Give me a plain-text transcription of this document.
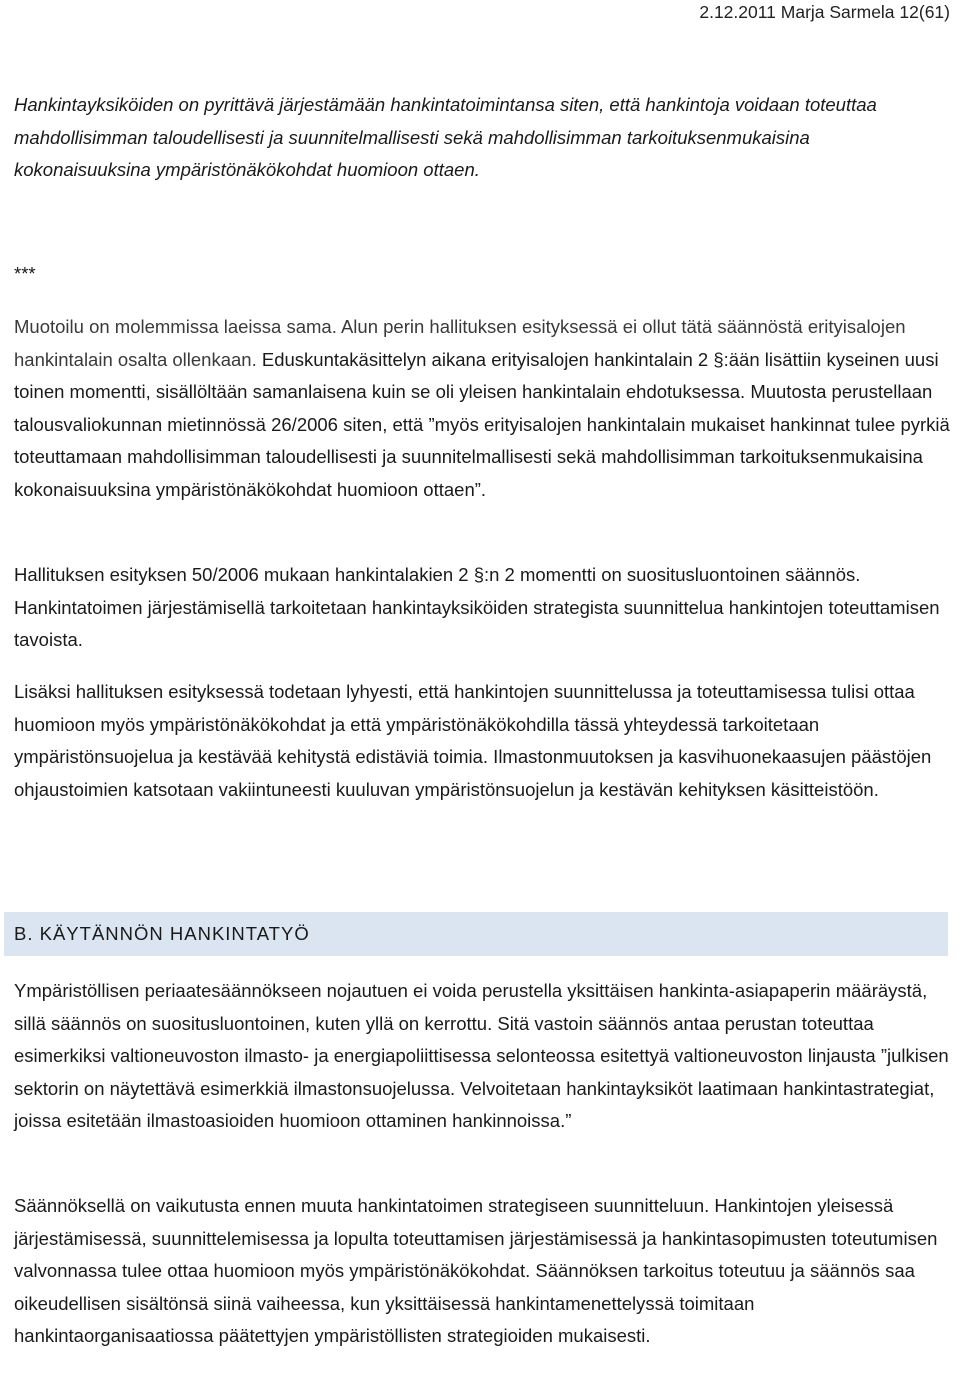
2.12.2011 Marja Sarmela 12(61)

Hankintayksiköiden on pyrittävä järjestämään hankintatoimintansa siten, että hankintoja voidaan toteuttaa mahdollisimman taloudellisesti ja suunnitelmallisesti sekä mahdollisimman tarkoituksenmukaisina kokonaisuuksina ympäristönäkökohdat huomioon ottaen.

***

Muotoilu on molemmissa laeissa sama. Alun perin hallituksen esityksessä ei ollut tätä säännöstä erityisalojen hankintalain osalta ollenkaan. Eduskuntakäsittelyn aikana erityisalojen hankintalain 2 §:ään lisättiin kyseinen uusi toinen momentti, sisällöltään samanlaisena kuin se oli yleisen hankintalain ehdotuksessa. Muutosta perustellaan talousvaliokunnan mietinnössä 26/2006 siten, että ”myös erityisalojen hankintalain mukaiset hankinnat tulee pyrkiä toteuttamaan mahdollisimman taloudellisesti ja suunnitelmallisesti sekä mahdollisimman tarkoituksenmukaisina kokonaisuuksina ympäristönäkökohdat huomioon ottaen”.

Hallituksen esityksen 50/2006 mukaan hankintalakien 2 §:n 2 momentti on suositusluontoinen säännös. Hankintatoimen järjestämisellä tarkoitetaan hankintayksiköiden strategista suunnittelua hankintojen toteuttamisen tavoista.

Lisäksi hallituksen esityksessä todetaan lyhyesti, että hankintojen suunnittelussa ja toteuttamisessa tulisi ottaa huomioon myös ympäristönäkökohdat ja että ympäristönäkökohdilla tässä yhteydessä tarkoitetaan ympäristönsuojelua ja kestävää kehitystä edistäviä toimia. Ilmastonmuutoksen ja kasvihuonekaasujen päästöjen ohjaustoimien katsotaan vakiintuneesti kuuluvan ympäristönsuojelun ja kestävän kehityksen käsitteistöön.

B. KÄYTÄNNÖN HANKINTATYÖ

Ympäristöllisen periaatesäännökseen nojautuen ei voida perustella yksittäisen hankinta-asiapaperin määräystä, sillä säännös on suositusluontoinen, kuten yllä on kerrottu. Sitä vastoin säännös antaa perustan toteuttaa esimerkiksi valtioneuvoston ilmasto- ja energiapoliittisessa selonteossa esitettyä valtioneuvoston linjausta ”julkisen sektorin on näytettävä esimerkkiä ilmastonsuojelussa. Velvoitetaan hankintayksiköt laatimaan hankintastrategiat, joissa esitetään ilmastoasioiden huomioon ottaminen hankinnoissa.”

Säännöksellä on vaikutusta ennen muuta hankintatoimen strategiseen suunnitteluun. Hankintojen yleisessä järjestämisessä, suunnittelemisessa ja lopulta toteuttamisen järjestämisessä ja hankintasopimusten toteutumisen valvonnassa tulee ottaa huomioon myös ympäristönäkökohdat. Säännöksen tarkoitus toteutuu ja säännös saa oikeudellisen sisältönsä siinä vaiheessa, kun yksittäisessä hankintamenettelyssä toimitaan hankintaorganisaatiossa päätettyjen ympäristöllisten strategioiden mukaisesti.
